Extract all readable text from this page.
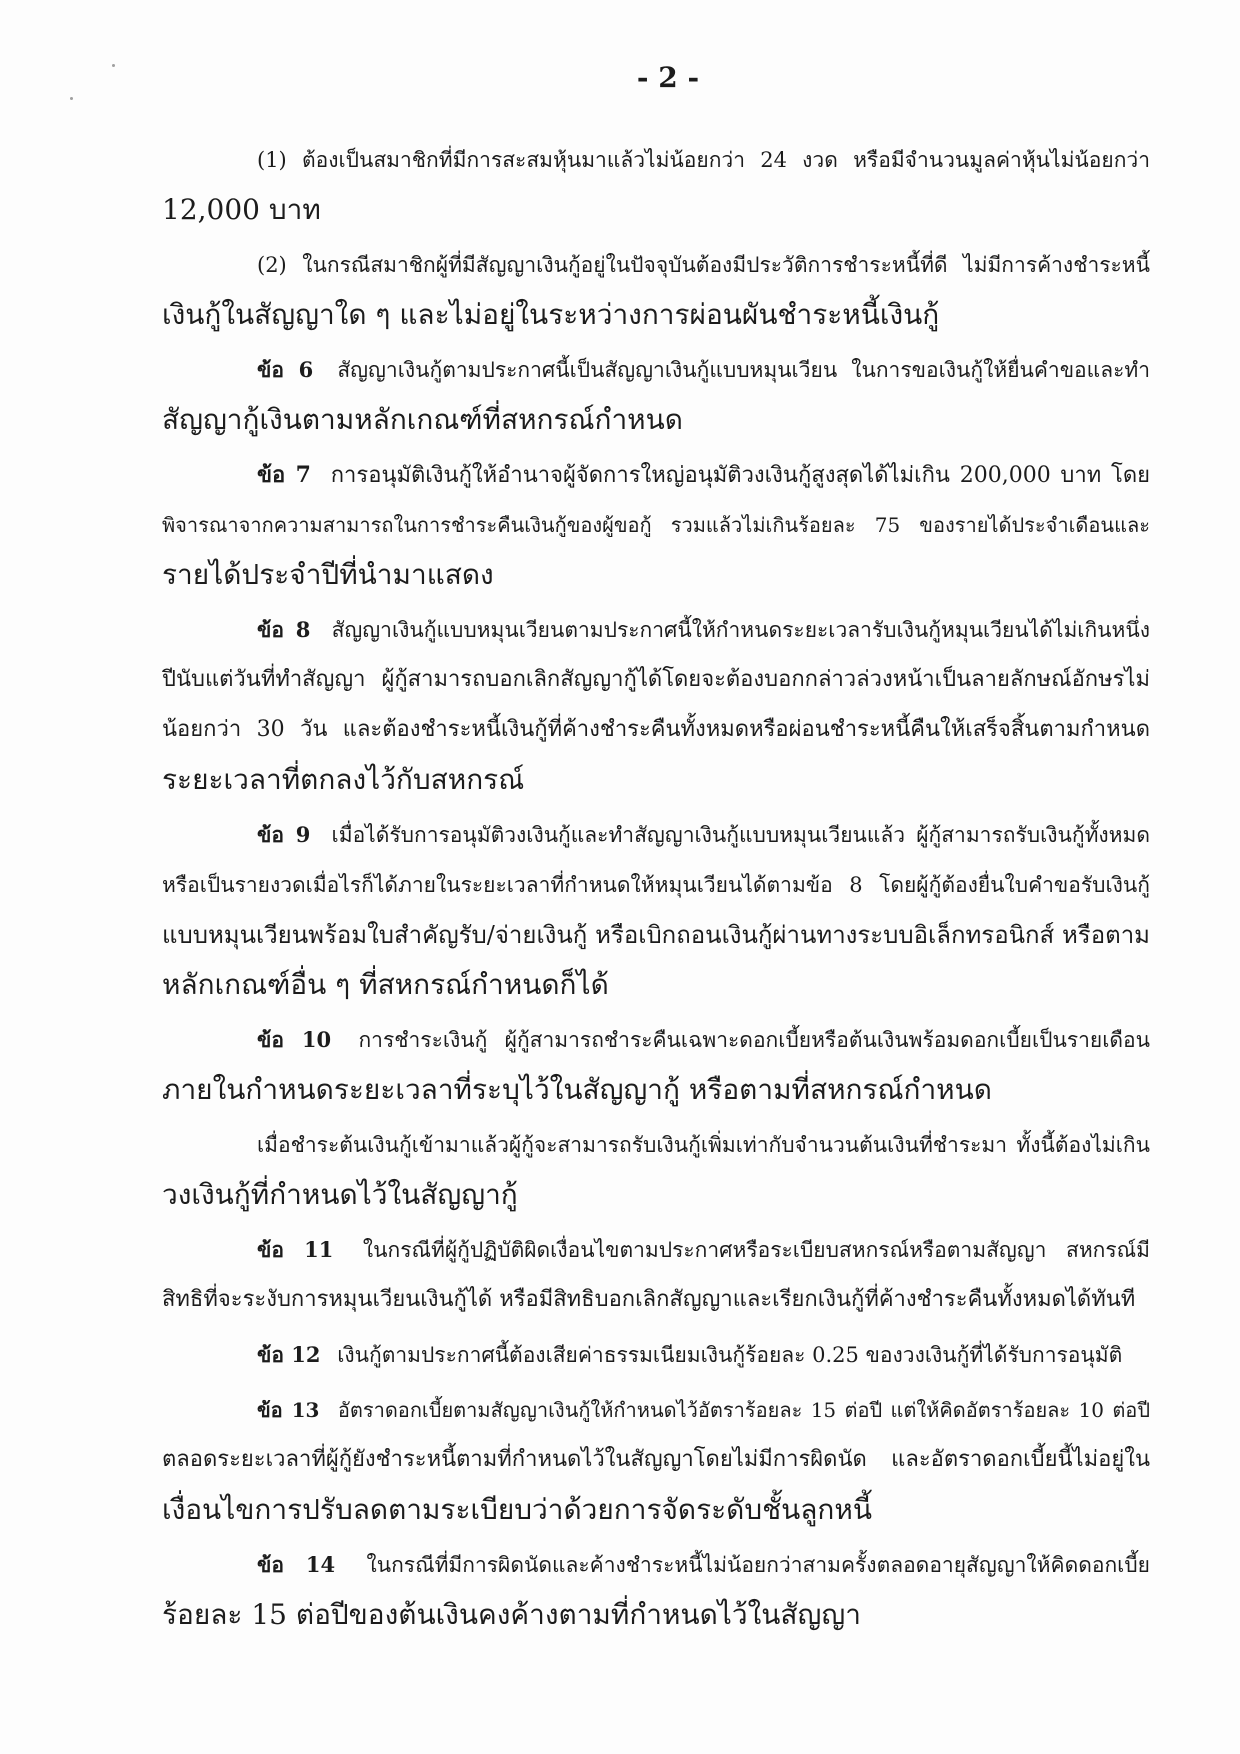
- 2 -
(1) ต้องเป็นสมาชิกที่มีการสะสมหุ้นมาแล้วไม่น้อยกว่า 24 งวด หรือมีจำนวนมูลค่าหุ้นไม่น้อยกว่า
12,000 บาท
(2) ในกรณีสมาชิกผู้ที่มีสัญญาเงินกู้อยู่ในปัจจุบันต้องมีประวัติการชำระหนี้ที่ดี ไม่มีการค้างชำระหนี้
เงินกู้ในสัญญาใด ๆ และไม่อยู่ในระหว่างการผ่อนผันชำระหนี้เงินกู้
ข้อ 6 สัญญาเงินกู้ตามประกาศนี้เป็นสัญญาเงินกู้แบบหมุนเวียน ในการขอเงินกู้ให้ยื่นคำขอและทำ
สัญญากู้เงินตามหลักเกณฑ์ที่สหกรณ์กำหนด
ข้อ 7 การอนุมัติเงินกู้ให้อำนาจผู้จัดการใหญ่อนุมัติวงเงินกู้สูงสุดได้ไม่เกิน 200,000 บาท โดย
พิจารณาจากความสามารถในการชำระคืนเงินกู้ของผู้ขอกู้ รวมแล้วไม่เกินร้อยละ 75 ของรายได้ประจำเดือนและ
รายได้ประจำปีที่นำมาแสดง
ข้อ 8 สัญญาเงินกู้แบบหมุนเวียนตามประกาศนี้ให้กำหนดระยะเวลารับเงินกู้หมุนเวียนได้ไม่เกินหนึ่ง
ปีนับแต่วันที่ทำสัญญา ผู้กู้สามารถบอกเลิกสัญญากู้ได้โดยจะต้องบอกกล่าวล่วงหน้าเป็นลายลักษณ์อักษรไม่
น้อยกว่า 30 วัน และต้องชำระหนี้เงินกู้ที่ค้างชำระคืนทั้งหมดหรือผ่อนชำระหนี้คืนให้เสร็จสิ้นตามกำหนด
ระยะเวลาที่ตกลงไว้กับสหกรณ์
ข้อ 9 เมื่อได้รับการอนุมัติวงเงินกู้และทำสัญญาเงินกู้แบบหมุนเวียนแล้ว ผู้กู้สามารถรับเงินกู้ทั้งหมด
หรือเป็นรายงวดเมื่อไรก็ได้ภายในระยะเวลาที่กำหนดให้หมุนเวียนได้ตามข้อ 8 โดยผู้กู้ต้องยื่นใบคำขอรับเงินกู้
แบบหมุนเวียนพร้อมใบสำคัญรับ/จ่ายเงินกู้ หรือเบิกถอนเงินกู้ผ่านทางระบบอิเล็กทรอนิกส์ หรือตาม
หลักเกณฑ์อื่น ๆ ที่สหกรณ์กำหนดก็ได้
ข้อ 10 การชำระเงินกู้ ผู้กู้สามารถชำระคืนเฉพาะดอกเบี้ยหรือต้นเงินพร้อมดอกเบี้ยเป็นรายเดือน
ภายในกำหนดระยะเวลาที่ระบุไว้ในสัญญากู้ หรือตามที่สหกรณ์กำหนด
เมื่อชำระต้นเงินกู้เข้ามาแล้วผู้กู้จะสามารถรับเงินกู้เพิ่มเท่ากับจำนวนต้นเงินที่ชำระมา ทั้งนี้ต้องไม่เกิน
วงเงินกู้ที่กำหนดไว้ในสัญญากู้
ข้อ 11 ในกรณีที่ผู้กู้ปฏิบัติผิดเงื่อนไขตามประกาศหรือระเบียบสหกรณ์หรือตามสัญญา สหกรณ์มี
สิทธิที่จะระงับการหมุนเวียนเงินกู้ได้ หรือมีสิทธิบอกเลิกสัญญาและเรียกเงินกู้ที่ค้างชำระคืนทั้งหมดได้ทันที
ข้อ 12 เงินกู้ตามประกาศนี้ต้องเสียค่าธรรมเนียมเงินกู้ร้อยละ 0.25 ของวงเงินกู้ที่ได้รับการอนุมัติ
ข้อ 13 อัตราดอกเบี้ยตามสัญญาเงินกู้ให้กำหนดไว้อัตราร้อยละ 15 ต่อปี แต่ให้คิดอัตราร้อยละ 10 ต่อปี
ตลอดระยะเวลาที่ผู้กู้ยังชำระหนี้ตามที่กำหนดไว้ในสัญญาโดยไม่มีการผิดนัด และอัตราดอกเบี้ยนี้ไม่อยู่ใน
เงื่อนไขการปรับลดตามระเบียบว่าด้วยการจัดระดับชั้นลูกหนี้
ข้อ 14 ในกรณีที่มีการผิดนัดและค้างชำระหนี้ไม่น้อยกว่าสามครั้งตลอดอายุสัญญาให้คิดดอกเบี้ย
ร้อยละ 15 ต่อปีของต้นเงินคงค้างตามที่กำหนดไว้ในสัญญา
